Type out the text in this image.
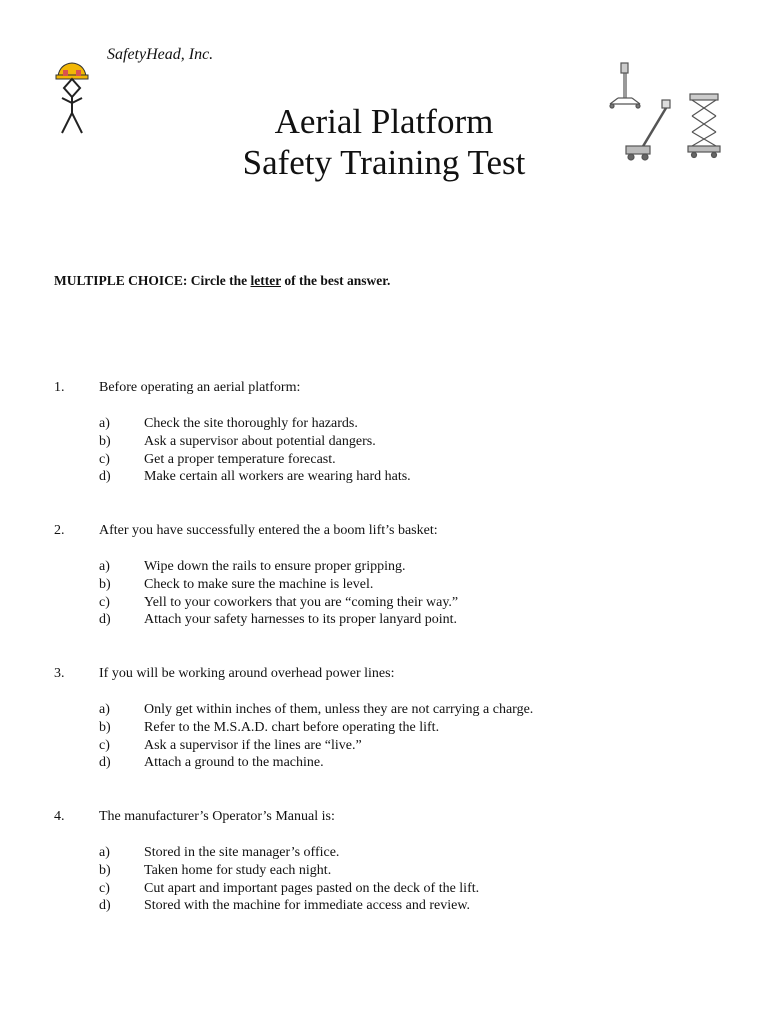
SafetyHead, Inc.
Aerial Platform
Safety Training Test
MULTIPLE CHOICE: Circle the letter of the best answer.
1. Before operating an aerial platform:
a) Check the site thoroughly for hazards.
b) Ask a supervisor about potential dangers.
c) Get a proper temperature forecast.
d) Make certain all workers are wearing hard hats.
2. After you have successfully entered the a boom lift’s basket:
a) Wipe down the rails to ensure proper gripping.
b) Check to make sure the machine is level.
c) Yell to your coworkers that you are “coming their way.”
d) Attach your safety harnesses to its proper lanyard point.
3. If you will be working around overhead power lines:
a) Only get within inches of them, unless they are not carrying a charge.
b) Refer to the M.S.A.D. chart before operating the lift.
c) Ask a supervisor if the lines are “live.”
d) Attach a ground to the machine.
4. The manufacturer’s Operator’s Manual is:
a) Stored in the site manager’s office.
b) Taken home for study each night.
c) Cut apart and important pages pasted on the deck of the lift.
d) Stored with the machine for immediate access and review.
